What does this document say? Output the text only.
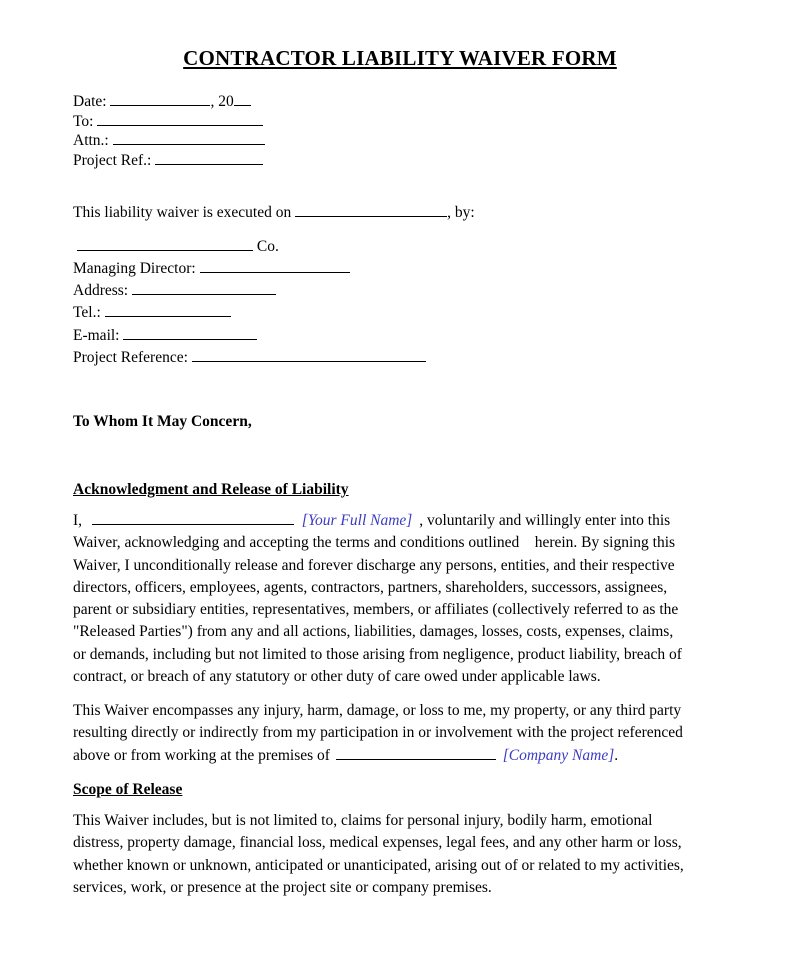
CONTRACTOR LIABILITY WAIVER FORM
Date:	, 20
To:
Attn.:
Project Ref.:
This liability waiver is executed on	, by:
Co.
Managing Director:
Address:
Tel.:
E-mail:
Project Reference:
To Whom It May Concern,
Acknowledgment and Release of Liability
I,	[Your Full Name] , voluntarily and willingly enter into this
Waiver, acknowledging and accepting the terms and conditions outlined    herein. By signing this
Waiver, I unconditionally release and forever discharge any persons, entities, and their respective
directors, officers, employees, agents, contractors, partners, shareholders, successors, assignees,
parent or subsidiary entities, representatives, members, or affiliates (collectively referred to as the
"Released Parties") from any and all actions, liabilities, damages, losses, costs, expenses, claims,
or demands, including but not limited to those arising from negligence, product liability, breach of
contract, or breach of any statutory or other duty of care owed under applicable laws.
This Waiver encompasses any injury, harm, damage, or loss to me, my property, or any third party
resulting directly or indirectly from my participation in or involvement with the project referenced
above or from working at the premises of	[Company Name].
Scope of Release
This Waiver includes, but is not limited to, claims for personal injury, bodily harm, emotional
distress, property damage, financial loss, medical expenses, legal fees, and any other harm or loss,
whether known or unknown, anticipated or unanticipated, arising out of or related to my activities,
services, work, or presence at the project site or company premises.
